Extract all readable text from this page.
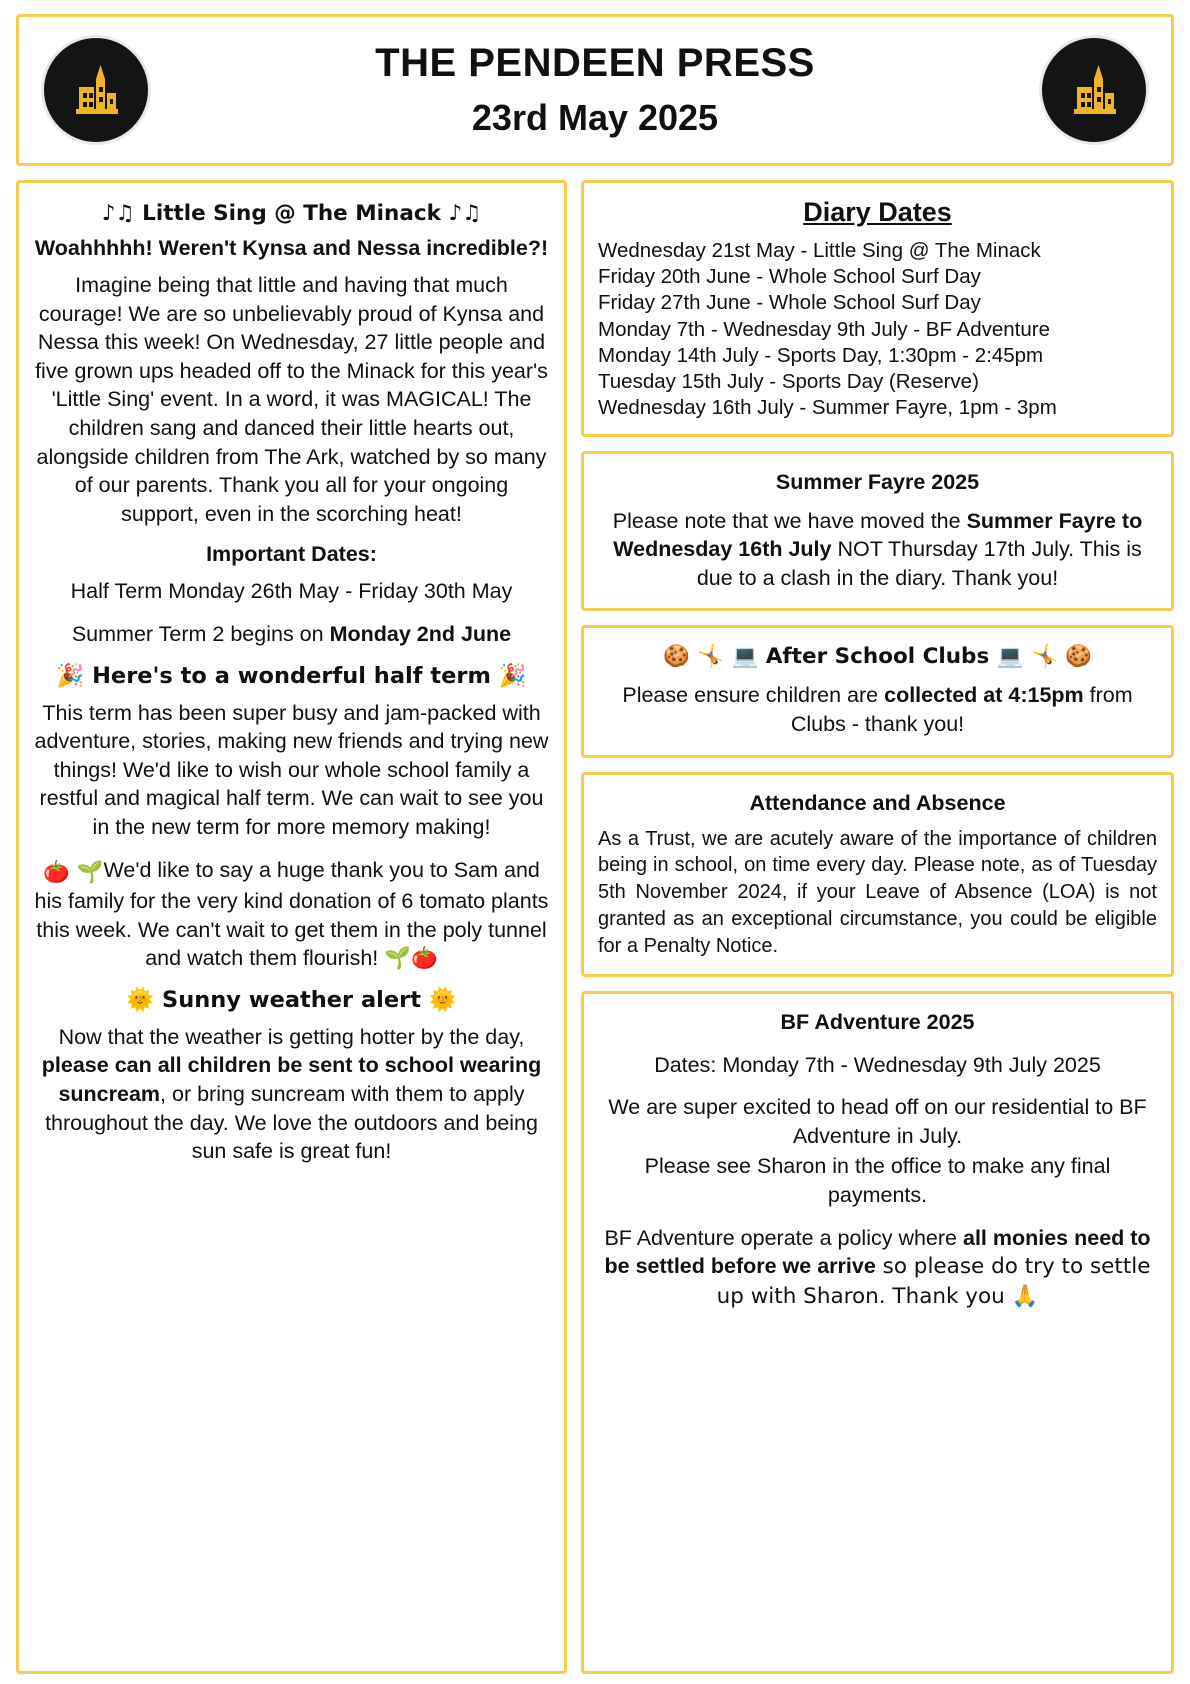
THE PENDEEN PRESS
23rd May 2025
♪♫ Little Sing @ The Minack ♪♫
Woahhhhh! Weren't Kynsa and Nessa incredible?!

Imagine being that little and having that much courage! We are so unbelievably proud of Kynsa and Nessa this week! On Wednesday, 27 little people and five grown ups headed off to the Minack for this year's 'Little Sing' event. In a word, it was MAGICAL! The children sang and danced their little hearts out, alongside children from The Ark, watched by so many of our parents. Thank you all for your ongoing support, even in the scorching heat!

Important Dates:

Half Term Monday 26th May - Friday 30th May

Summer Term 2 begins on Monday 2nd June

🎉 Here's to a wonderful half term 🎉

This term has been super busy and jam-packed with adventure, stories, making new friends and trying new things! We'd like to wish our whole school family a restful and magical half term. We can wait to see you in the new term for more memory making!

🍅 🌱We'd like to say a huge thank you to Sam and his family for the very kind donation of 6 tomato plants this week. We can't wait to get them in the poly tunnel and watch them flourish! 🌱🍅

🌞 Sunny weather alert 🌞

Now that the weather is getting hotter by the day, please can all children be sent to school wearing suncream, or bring suncream with them to apply throughout the day. We love the outdoors and being sun safe is great fun!

Diary Dates
Wednesday 21st May - Little Sing @ The Minack
Friday 20th June - Whole School Surf Day
Friday 27th June - Whole School Surf Day
Monday 7th - Wednesday 9th July - BF Adventure
Monday 14th July - Sports Day, 1:30pm - 2:45pm
Tuesday 15th July - Sports Day (Reserve)
Wednesday 16th July - Summer Fayre, 1pm - 3pm
Summer Fayre 2025

Please note that we have moved the Summer Fayre to Wednesday 16th July NOT Thursday 17th July. This is due to a clash in the diary. Thank you!

🍪 🤸 💻 After School Clubs 💻 🤸 🍪

Please ensure children are collected at 4:15pm from Clubs - thank you!

Attendance and Absence

As a Trust, we are acutely aware of the importance of children being in school, on time every day. Please note, as of Tuesday 5th November 2024, if your Leave of Absence (LOA) is not granted as an exceptional circumstance, you could be eligible for a Penalty Notice.

BF Adventure 2025

Dates: Monday 7th - Wednesday 9th July 2025

We are super excited to head off on our residential to BF Adventure in July.

Please see Sharon in the office to make any final payments.

BF Adventure operate a policy where all monies need to be settled before we arrive so please do try to settle up with Sharon. Thank you 🙏
